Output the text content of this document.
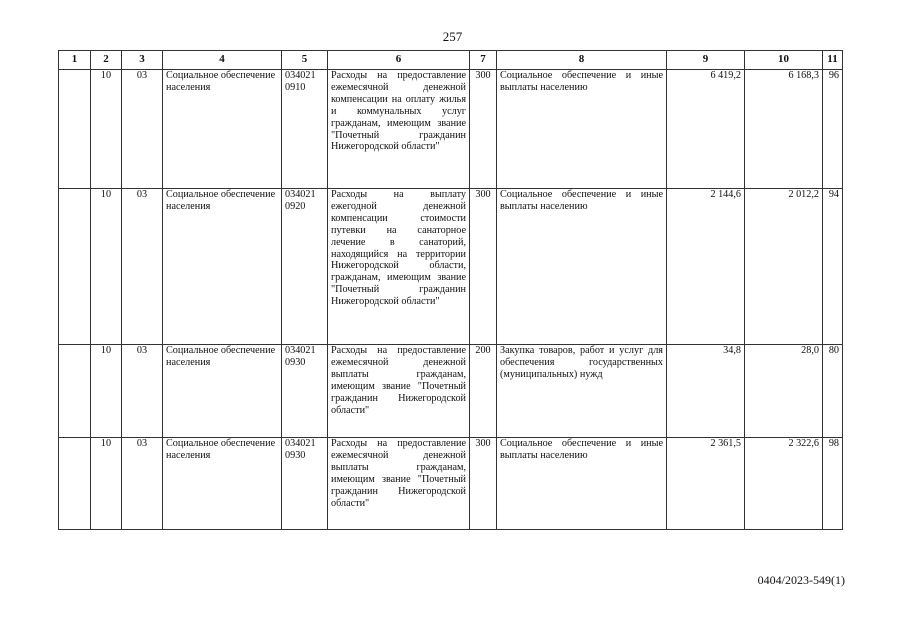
257
1	2	3	4	5	6	7	8	9	10	11
	10	03	Социальное обеспечение населения	034021 0910	Расходы на предоставление ежемесячной денежной компенсации на оплату жилья и коммунальных услуг гражданам, имеющим звание "Почетный гражданин Нижегородской области"	300	Социальное обеспечение и иные выплаты населению	6 419,2	6 168,3	96
	10	03	Социальное обеспечение населения	034021 0920	Расходы на выплату ежегодной денежной компенсации стоимости путевки на санаторное лечение в санаторий, находящийся на территории Нижегородской области, гражданам, имеющим звание "Почетный гражданин Нижегородской области"	300	Социальное обеспечение и иные выплаты населению	2 144,6	2 012,2	94
	10	03	Социальное обеспечение населения	034021 0930	Расходы на предоставление ежемесячной денежной выплаты гражданам, имеющим звание "Почетный гражданин Нижегородской области"	200	Закупка товаров, работ и услуг для обеспечения государственных (муниципальных) нужд	34,8	28,0	80
	10	03	Социальное обеспечение населения	034021 0930	Расходы на предоставление ежемесячной денежной выплаты гражданам, имеющим звание "Почетный гражданин Нижегородской области"	300	Социальное обеспечение и иные выплаты населению	2 361,5	2 322,6	98
0404/2023-549(1)
